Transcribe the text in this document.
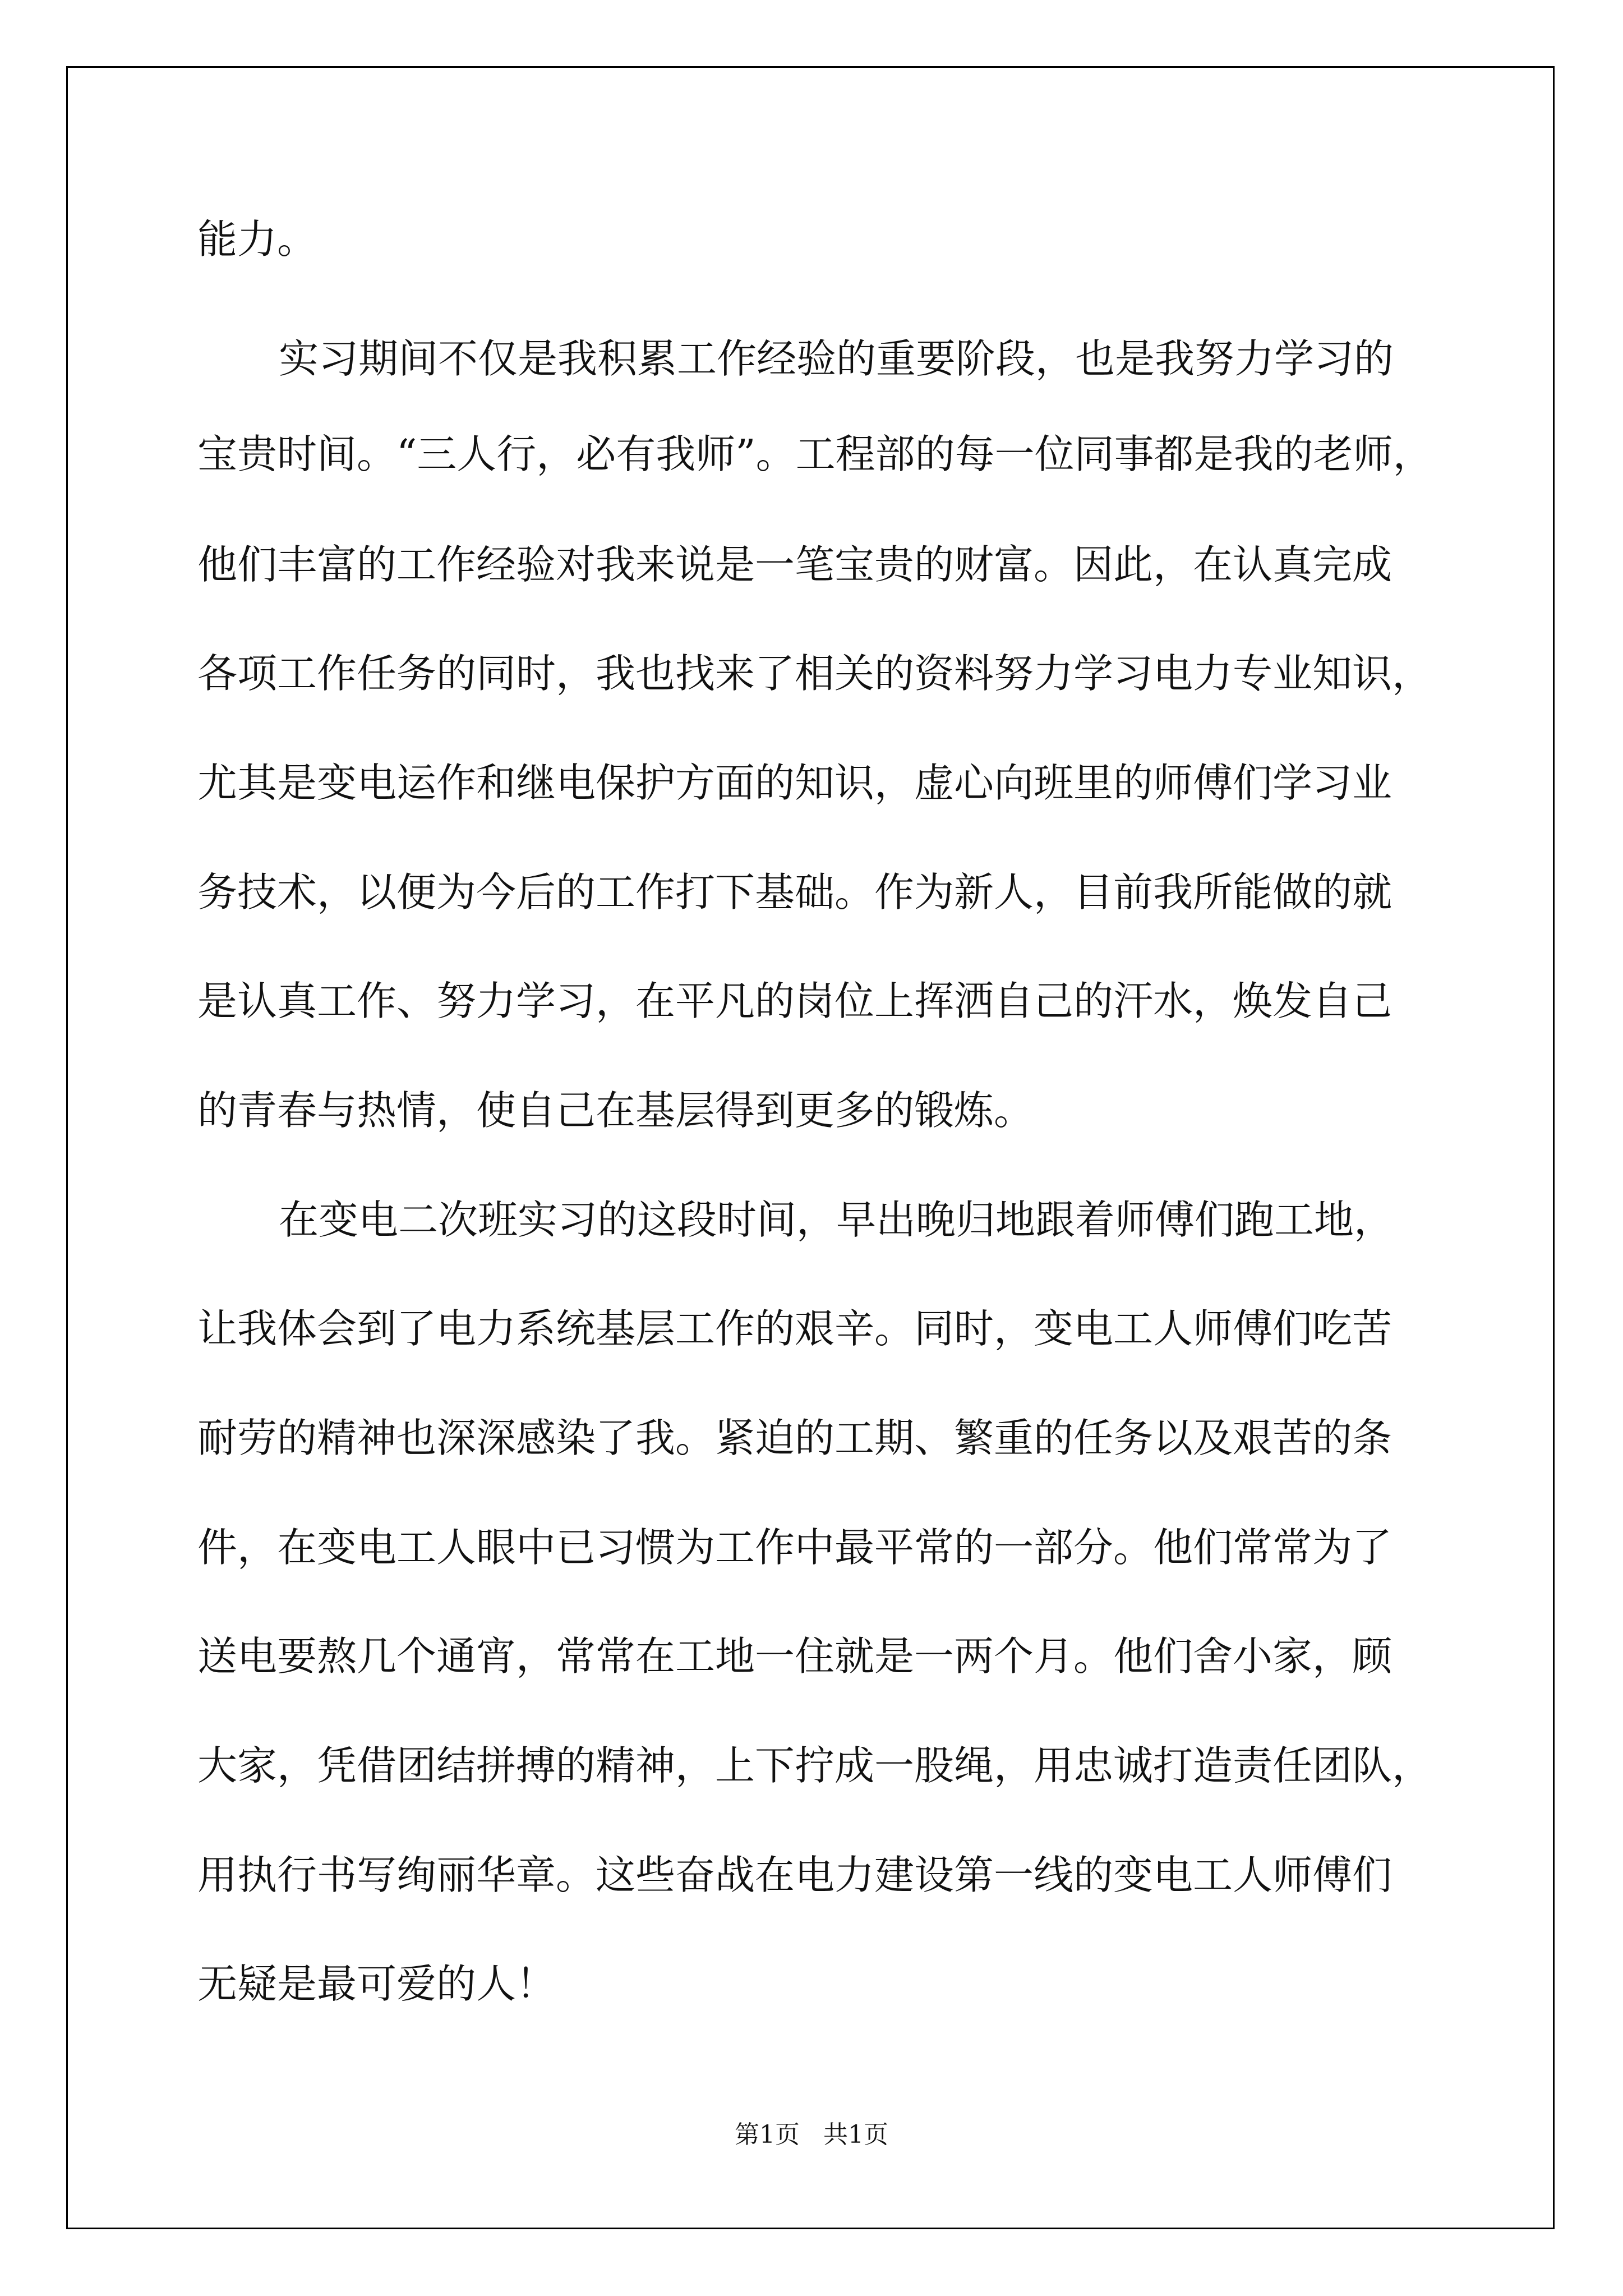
能力。

实习期间不仅是我积累工作经验的重要阶段，也是我努力学习的

宝贵时间。“三人行，必有我师”。工程部的每一位同事都是我的老师，

他们丰富的工作经验对我来说是一笔宝贵的财富。因此，在认真完成

各项工作任务的同时，我也找来了相关的资料努力学习电力专业知识，

尤其是变电运作和继电保护方面的知识，虚心向班里的师傅们学习业

务技术，以便为今后的工作打下基础。作为新人，目前我所能做的就

是认真工作、努力学习，在平凡的岗位上挥洒自己的汗水，焕发自己

的青春与热情，使自己在基层得到更多的锻炼。

在变电二次班实习的这段时间，早出晚归地跟着师傅们跑工地，

让我体会到了电力系统基层工作的艰辛。同时，变电工人师傅们吃苦

耐劳的精神也深深感染了我。紧迫的工期、繁重的任务以及艰苦的条

件，在变电工人眼中已习惯为工作中最平常的一部分。他们常常为了

送电要熬几个通宵，常常在工地一住就是一两个月。他们舍小家，顾

大家，凭借团结拼搏的精神，上下拧成一股绳，用忠诚打造责任团队，

用执行书写绚丽华章。这些奋战在电力建设第一线的变电工人师傅们

无疑是最可爱的人！

第1页   共1页
